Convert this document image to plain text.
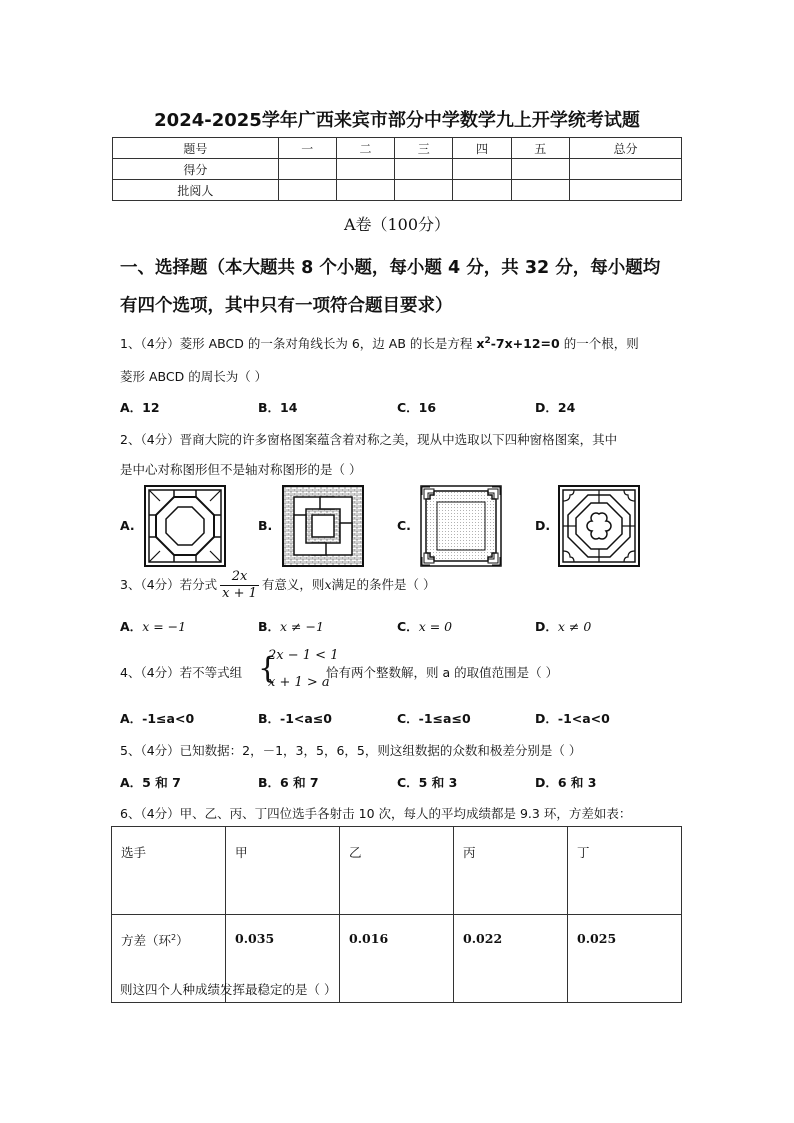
2024-2025学年广西来宾市部分中学数学九上开学统考试题
题号	一	二	三	四	五	总分
得分						
批阅人						
A卷（100分）
一、选择题（本大题共 8 个小题，每小题 4 分，共 32 分，每小题均
有四个选项，其中只有一项符合题目要求）
1、（4分）菱形 ABCD 的一条对角线长为 6，边 AB 的长是方程 $x^2-7x+12=0$ 的一个根，则
菱形 ABCD 的周长为（ ）
A．12	B．14	C．16	D．24
2、（4分）晋商大院的许多窗格图案蕴含着对称之美，现从中选取以下四种窗格图案，其中
是中心对称图形但不是轴对称图形的是（ ）
A.	B.	C.	D.
3、（4分）若分式 $\frac{2x}{x + 1}$ 有意义，则x满足的条件是（ ）
A．x = −1	B．x ≠ −1	C．x = 0	D．x ≠ 0
4、（4分）若不等式组 {
2x − 1 < 1
x + 1 > a
恰有两个整数解，则 a 的取值范围是（ ）
A．-1≤a<0	B．-1<a≤0	C．-1≤a≤0	D．-1<a<0
5、（4分）已知数据：2，－1，3，5，6，5，则这组数据的众数和极差分别是（ ）
A．5 和 7	B．6 和 7	C．5 和 3	D．6 和 3
6、（4分）甲、乙、丙、丁四位选手各射击 10 次，每人的平均成绩都是 9.3 环，方差如表：
选手	甲	乙	丙	丁
方差（环$^2$）	0.035	0.016	0.022	0.025
则这四个人种成绩发挥最稳定的是（ ）
